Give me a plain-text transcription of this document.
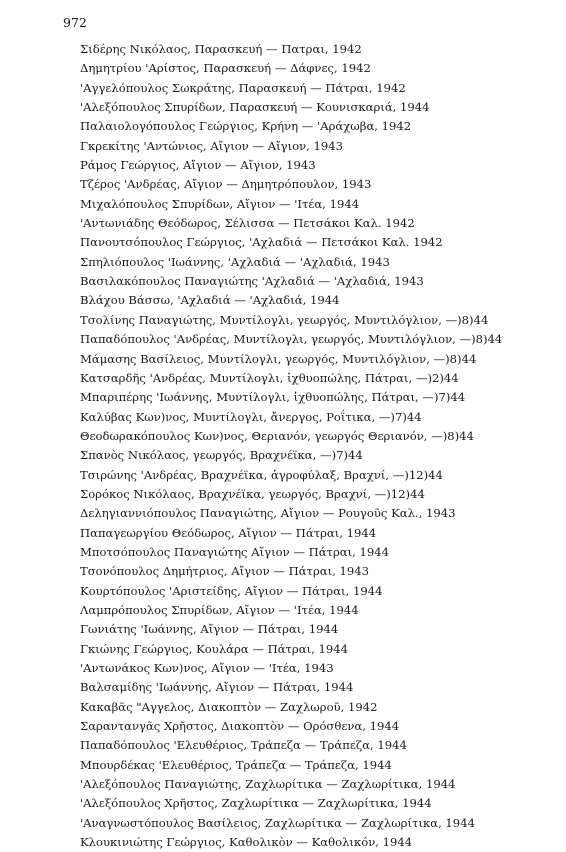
972
Σιδέρης Νικόλαος, Παρασκευή — Πατραι, 1942
Δημητρίου 'Αρίστος, Παρασκευή — Δάφνες, 1942
'Αγγελόπουλος Σωκράτης, Παρασκευή — Πάτραι, 1942
'Αλεξόπουλος Σπυρίδων, Παρασκευή — Κουνισκαριά, 1944
Παλαιολογόπουλος Γεώργιος, Κρήνη — 'Αράχωβα, 1942
Γκρεκίτης 'Αντώνιος, Αἴγιον — Αἴγιον, 1943
Ράμος Γεώργιος, Αἴγιον — Αἴγιον, 1943
Τζέρος 'Ανδρέας, Αἴγιον — Δημητρόπουλον, 1943
Μιχαλόπουλος Σπυρίδων, Αἴγιον — 'Ιτέα, 1944
'Αντωνιάδης Θεόδωρος, Σέλισσα — Πετσάκοι Καλ. 1942
Πανουτσόπουλος Γεώργιος, 'Αχλαδιά — Πετσάκοι Καλ. 1942
Σπηλιόπουλος 'Ιωάννης, 'Αχλαδιά — 'Αχλαδιά, 1943
Βασιλακόπουλος Παναγιώτης 'Αχλαδιά — 'Αχλαδιά, 1943
Βλάχου Βάσσω, 'Αχλαδιά — 'Αχλαδιά, 1944
Τσολίνης Παναγιώτης, Μυντίλογλι, γεωργός, Μυντιλόγλιον, —)8)44
Παπαδόπουλος 'Ανδρέας, Μυντίλογλι, γεωργός, Μυντιλόγλιον, —)8)44
Μάμασης Βασίλειος, Μυντίλογλι, γεωργός, Μυντιλόγλιον, —)8)44
Κατσαρδῆς 'Ανδρέας, Μυντίλογλι, ἰχθυοπώλης, Πάτραι, —)2)44
Μπαριπέρης 'Ιωάννης, Μυντίλογλι, ἰχθυοπώλης, Πάτραι, —)7)44
Καλύβας Κων)νος, Μυντίλογλι, ἄνεργος, Ροΐτικα, —)7)44
Θεοδωρακόπουλος Κων)νος, Θεριανόν, γεωργός Θεριανόν, —)8)44
Σπανὸς Νικόλαος, γεωργός, Βραχνέϊκα, —)7)44
Τσιρώνης 'Ανδρέας, Βραχνέϊκα, ἀγροφύλαξ, Βραχνί, —)12)44
Σορόκος Νικόλαος, Βραχνέϊκα, γεωργός, Βραχνί, —)12)44
Δεληγιαννιόπουλος Παναγιώτης, Αἴγιον — Ρουγοῦς Καλ., 1943
Παπαγεωργίου Θεόδωρος, Αἴγιον — Πάτραι, 1944
Μποτσόπουλος Παναγιώτης Αἴγιον — Πάτραι, 1944
Τσονόπουλος Δημήτριος, Αἴγιον — Πάτραι, 1943
Κουρτόπουλος 'Αριστείδης, Αἴγιον — Πάτραι, 1944
Λαμπρόπουλος Σπυρίδων, Αἴγιον — 'Ιτέα, 1944
Γωνιάτης 'Ιωάννης, Αἴγιον — Πάτραι, 1944
Γκιώνης Γεώργιος, Κουλάρα — Πάτραι, 1944
'Αντωνάκος Κων)νος, Αἴγιον — 'Ιτέα, 1943
Βαλσαμίδης 'Ιωάννης, Αἴγιον — Πάτραι, 1944
Κακαβᾶς "Αγγελος, Διακοπτὸν — Ζαχλωροῦ, 1942
Σαραντανγᾶς Χρῆστος, Διακοπτὸν — Ορόσθενα, 1944
Παπαδόπουλος 'Ελευθέριος, Τράπεζα — Τράπεζα, 1944
Μπουρδέκας 'Ελευθέριος, Τράπεζα — Τράπεζα, 1944
'Αλεξόπουλος Παναγιώτης, Ζαχλωρίτικα — Ζαχλωρίτικα, 1944
'Αλεξόπουλος Χρῆστος, Ζαχλωρίτικα — Ζαχλωρίτικα, 1944
'Αναγνωστόπουλος Βασίλειος, Ζαχλωρίτικα — Ζαχλωρίτικα, 1944
Κλουκινιώτης Γεώργιος, Καθολικὸν — Καθολικόν, 1944
